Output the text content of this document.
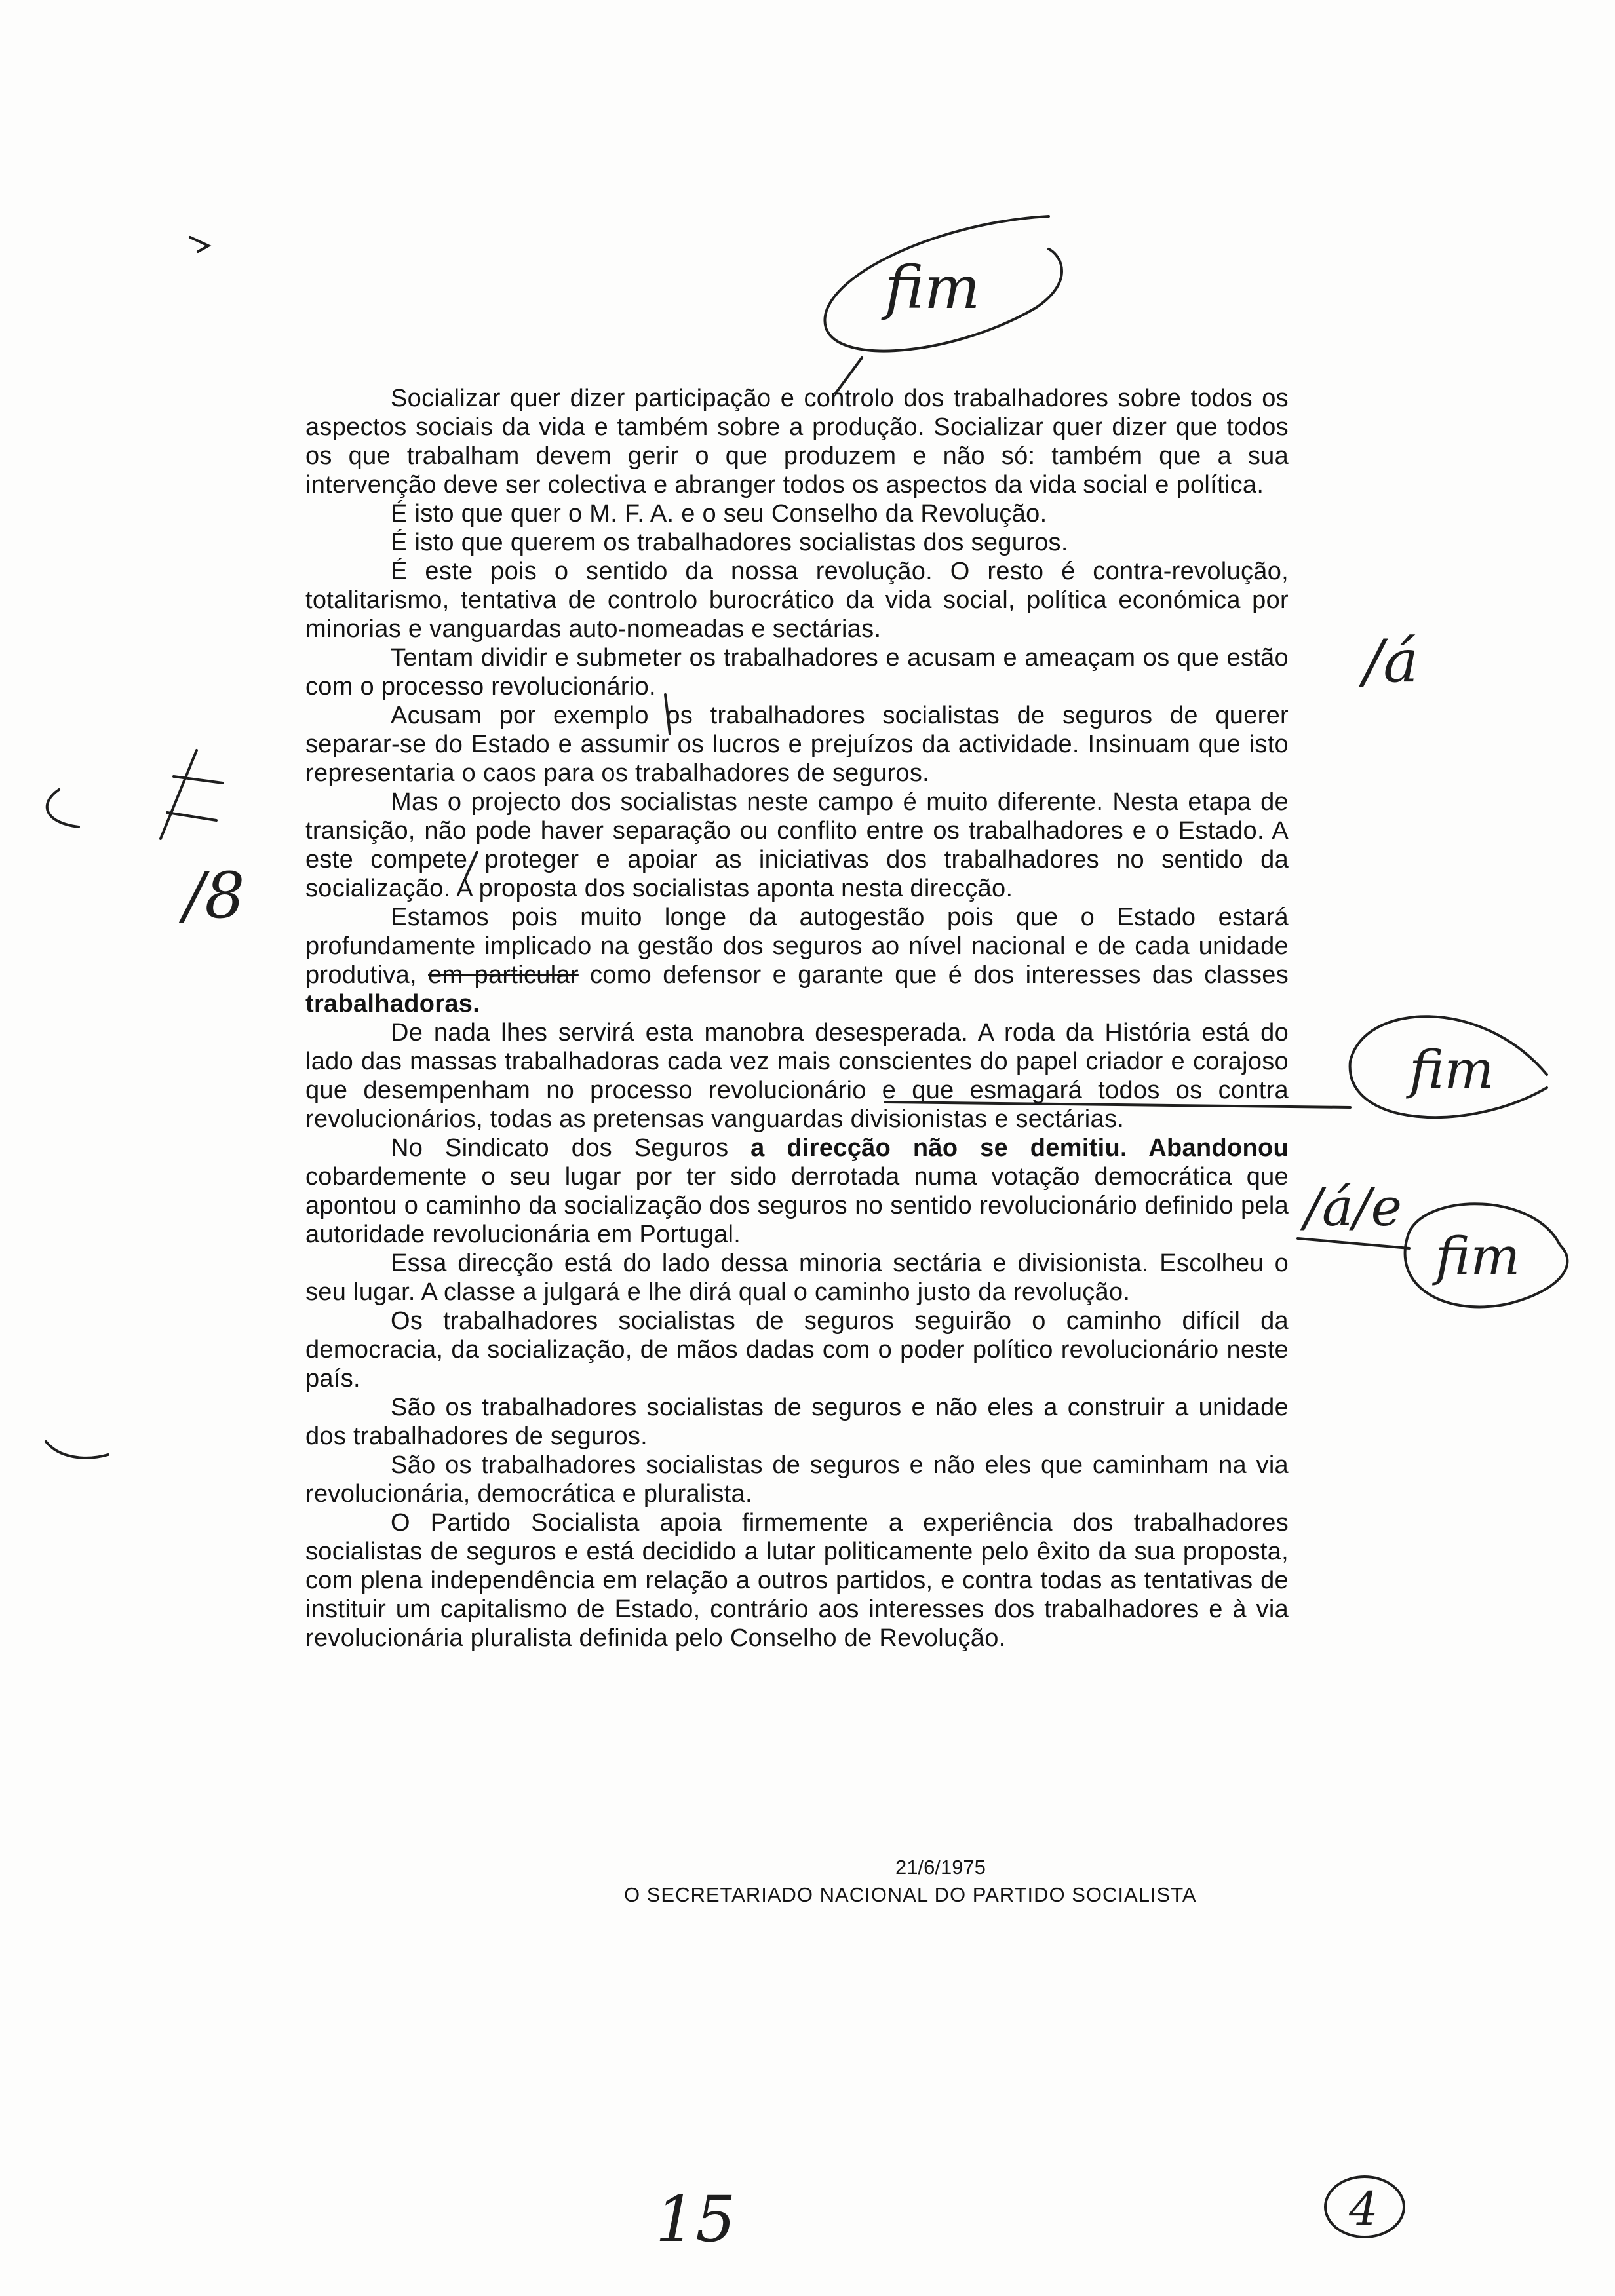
Socializar quer dizer participação e controlo dos trabalhadores sobre todos os aspectos sociais da vida e também sobre a produção. Socializar quer dizer que todos os que trabalham devem gerir o que produzem e não só: também que a sua intervenção deve ser colectiva e abranger todos os aspectos da vida social e política.

É isto que quer o M. F. A. e o seu Conselho da Revolução.

É isto que querem os trabalhadores socialistas dos seguros.

É este pois o sentido da nossa revolução. O resto é contra-revolução, totalitarismo, tentativa de controlo burocrático da vida social, política económica por minorias e vanguardas auto-nomeadas e sectárias.

Tentam dividir e submeter os trabalhadores e acusam e ameaçam os que estão com o processo revolucionário.

Acusam por exemplo os trabalhadores socialistas de seguros de querer separar-se do Estado e assumir os lucros e prejuízos da actividade. Insinuam que isto representaria o caos para os trabalhadores de seguros.

Mas o projecto dos socialistas neste campo é muito diferente. Nesta etapa de transição, não pode haver separação ou conflito entre os trabalhadores e o Estado. A este compete proteger e apoiar as iniciativas dos trabalhadores no sentido da socialização. A proposta dos socialistas aponta nesta direcção.

Estamos pois muito longe da autogestão pois que o Estado estará profundamente implicado na gestão dos seguros ao nível nacional e de cada unidade produtiva, em particular como defensor e garante que é dos interesses das classes trabalhadoras.

De nada lhes servirá esta manobra desesperada. A roda da História está do lado das massas trabalhadoras cada vez mais conscientes do papel criador e corajoso que desempenham no processo revolucionário e que esmagará todos os contra revolucionários, todas as pretensas vanguardas divisionistas e sectárias.

No Sindicato dos Seguros a direcção não se demitiu. Abandonou cobardemente o seu lugar por ter sido derrotada numa votação democrática que apontou o caminho da socialização dos seguros no sentido revolucionário definido pela autoridade revolucionária em Portugal.

Essa direcção está do lado dessa minoria sectária e divisionista. Escolheu o seu lugar. A classe a julgará e lhe dirá qual o caminho justo da revolução.

Os trabalhadores socialistas de seguros seguirão o caminho difícil da democracia, da socialização, de mãos dadas com o poder político revolucionário neste país.

São os trabalhadores socialistas de seguros e não eles a construir a unidade dos trabalhadores de seguros.

São os trabalhadores socialistas de seguros e não eles que caminham na via revolucionária, democrática e pluralista.

O Partido Socialista apoia firmemente a experiência dos trabalhadores socialistas de seguros e está decidido a lutar politicamente pelo êxito da sua proposta, com plena independência em relação a outros partidos, e contra todas as tentativas de instituir um capitalismo de Estado, contrário aos interesses dos trabalhadores e à via revolucionária pluralista definida pelo Conselho de Revolução.

21/6/1975
O SECRETARIADO NACIONAL DO PARTIDO SOCIALISTA
fim
/á
/á/e
fim
fim
15	4
/8
